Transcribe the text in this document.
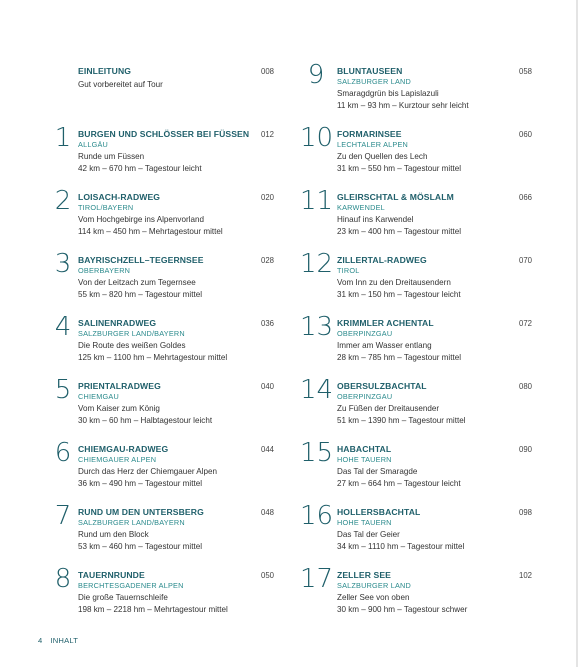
EINLEITUNG
Gut vorbereitet auf Tour
008
1 BURGEN UND SCHLÖSSER BEI FÜSSEN
ALLGÄU
Runde um Füssen
42 km – 670 hm – Tagestour leicht
012
2 LOISACH-RADWEG
TIROL/BAYERN
Vom Hochgebirge ins Alpenvorland
114 km – 450 hm – Mehrtagestour mittel
020
3 BAYRISCHZELL–TEGERNSEE
OBERBAYERN
Von der Leitzach zum Tegernsee
55 km – 820 hm – Tagestour mittel
028
4 SALINENRADWEG
SALZBURGER LAND/BAYERN
Die Route des weißen Goldes
125 km – 1100 hm – Mehrtagestour mittel
036
5 PRIENTALRADWEG
CHIEMGAU
Vom Kaiser zum König
30 km – 60 hm – Halbtagestour leicht
040
6 CHIEMGAU-RADWEG
CHIEMGAUER ALPEN
Durch das Herz der Chiemgauer Alpen
36 km – 490 hm – Tagestour mittel
044
7 RUND UM DEN UNTERSBERG
SALZBURGER LAND/BAYERN
Rund um den Block
53 km – 460 hm – Tagestour mittel
048
8 TAUERNRUNDE
BERCHTESGADENER ALPEN
Die große Tauernschleife
198 km – 2218 hm – Mehrtagestour mittel
050
9	BLUNTAUSEEN
SALZBURGER LAND
Smaragdgrün bis Lapislazuli
11 km – 93 hm – Kurztour sehr leicht
058
10 FORMARINSEE
LECHTALER ALPEN
Zu den Quellen des Lech
31 km – 550 hm – Tagestour mittel
060
11 GLEIRSCHTAL & MÖSLALM
KARWENDEL
Hinauf ins Karwendel
23 km – 400 hm – Tagestour mittel
066
12 ZILLERTAL-RADWEG
TIROL
Vom Inn zu den Dreitausendern
31 km – 150 hm – Tagestour leicht
070
13 KRIMMLER ACHENTAL
OBERPINZGAU
Immer am Wasser entlang
28 km – 785 hm – Tagestour mittel
072
14 OBERSULZBACHTAL
OBERPINZGAU
Zu Füßen der Dreitausender
51 km – 1390 hm – Tagestour mittel
080
15 HABACHTAL
HOHE TAUERN
Das Tal der Smaragde
27 km – 664 hm – Tagestour leicht
090
16 HOLLERSBACHTAL
HOHE TAUERN
Das Tal der Geier
34 km – 1110 hm – Tagestour mittel
098
17 ZELLER SEE
SALZBURGER LAND
Zeller See von oben
30 km – 900 hm – Tagestour schwer
102
4 INHALT
